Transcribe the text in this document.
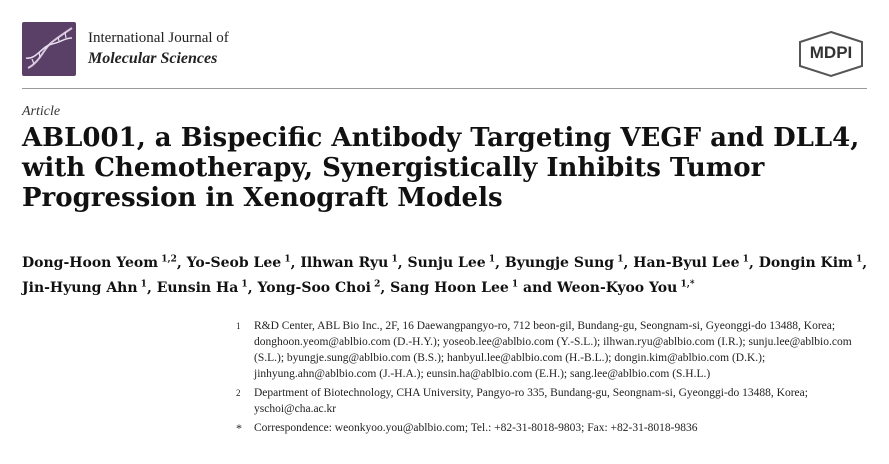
International Journal of
Molecular Sciences	MDPI
Article
ABL001, a Bispecific Antibody Targeting VEGF and DLL4, with Chemotherapy, Synergistically Inhibits Tumor Progression in Xenograft Models
Dong-Hoon Yeom $^{1,2}$, Yo-Seob Lee $^1$, Ilhwan Ryu $^1$, Sunju Lee $^1$, Byungje Sung $^1$, Han-Byul Lee $^1$, Dongin Kim $^1$, Jin-Hyung Ahn $^1$, Eunsin Ha $^1$, Yong-Soo Choi $^2$, Sang Hoon Lee $^1$ and Weon-Kyoo You $^{1,*}$
1	R&D Center, ABL Bio Inc., 2F, 16 Daewangpangyo-ro, 712 beon-gil, Bundang-gu, Seongnam-si, Gyeonggi-do 13488, Korea; donghoon.yeom@ablbio.com (D.-H.Y.); yoseob.lee@ablbio.com (Y.-S.L.); ilhwan.ryu@ablbio.com (I.R.); sunju.lee@ablbio.com (S.L.); byungje.sung@ablbio.com (B.S.); hanbyul.lee@ablbio.com (H.-B.L.); dongin.kim@ablbio.com (D.K.); jinhyung.ahn@ablbio.com (J.-H.A.); eunsin.ha@ablbio.com (E.H.); sang.lee@ablbio.com (S.H.L.)
2	Department of Biotechnology, CHA University, Pangyo-ro 335, Bundang-gu, Seongnam-si, Gyeonggi-do 13488, Korea; yschoi@cha.ac.kr
*	Correspondence: weonkyoo.you@ablbio.com; Tel.: +82-31-8018-9803; Fax: +82-31-8018-9836
